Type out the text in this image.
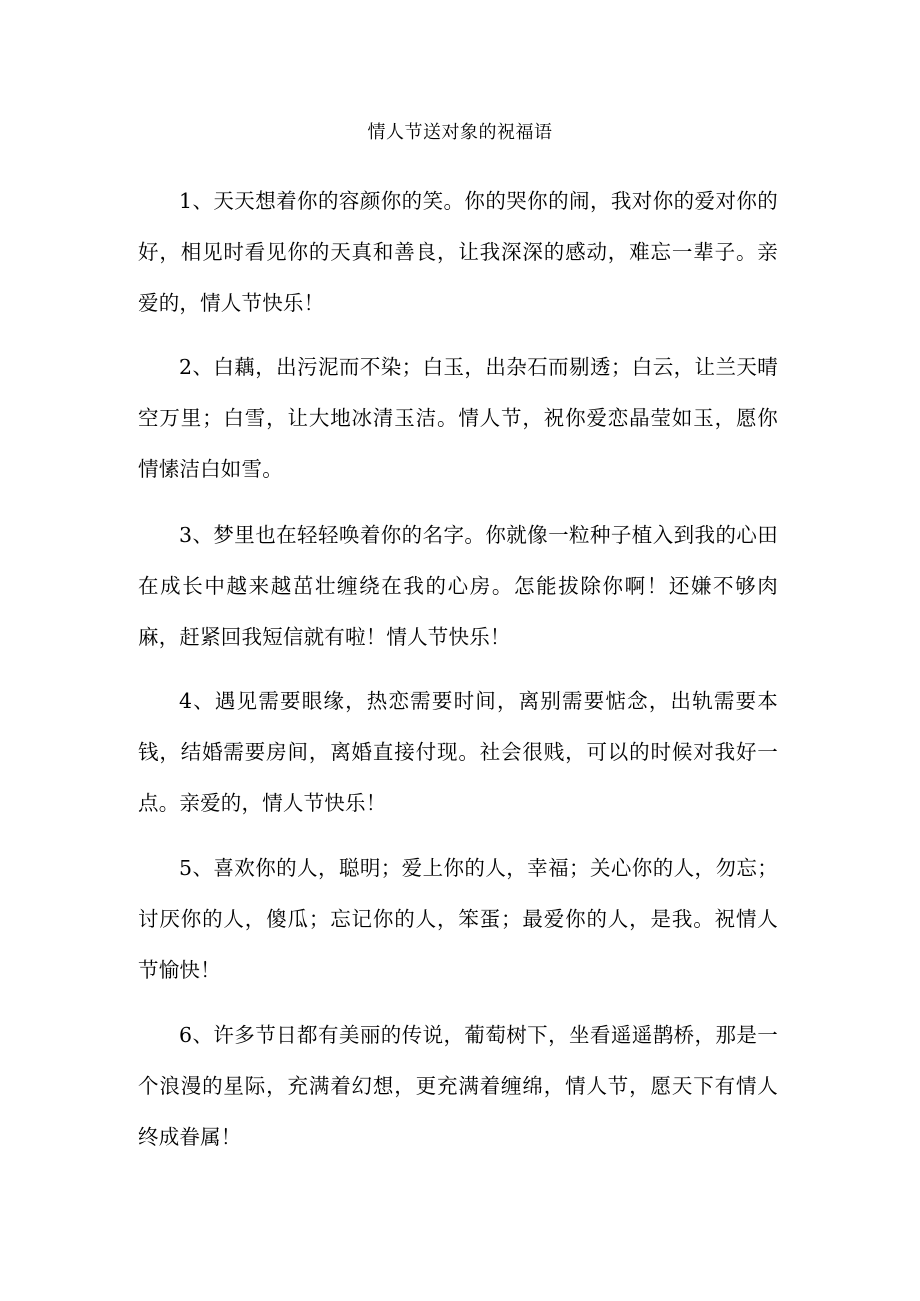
情人节送对象的祝福语

1、天天想着你的容颜你的笑。你的哭你的闹，我对你的爱对你的好，相见时看见你的天真和善良，让我深深的感动，难忘一辈子。亲爱的，情人节快乐！

2、白藕，出污泥而不染；白玉，出杂石而剔透；白云，让兰天晴空万里；白雪，让大地冰清玉洁。情人节，祝你爱恋晶莹如玉，愿你情愫洁白如雪。

3、梦里也在轻轻唤着你的名字。你就像一粒种子植入到我的心田在成长中越来越茁壮缠绕在我的心房。怎能拔除你啊！还嫌不够肉麻，赶紧回我短信就有啦！情人节快乐！

4、遇见需要眼缘，热恋需要时间，离别需要惦念，出轨需要本钱，结婚需要房间，离婚直接付现。社会很贱，可以的时候对我好一点。亲爱的，情人节快乐！

5、喜欢你的人，聪明；爱上你的人，幸福；关心你的人，勿忘；讨厌你的人，傻瓜；忘记你的人，笨蛋；最爱你的人，是我。祝情人节愉快！

6、许多节日都有美丽的传说，葡萄树下，坐看遥遥鹊桥，那是一个浪漫的星际，充满着幻想，更充满着缠绵，情人节，愿天下有情人终成眷属！
